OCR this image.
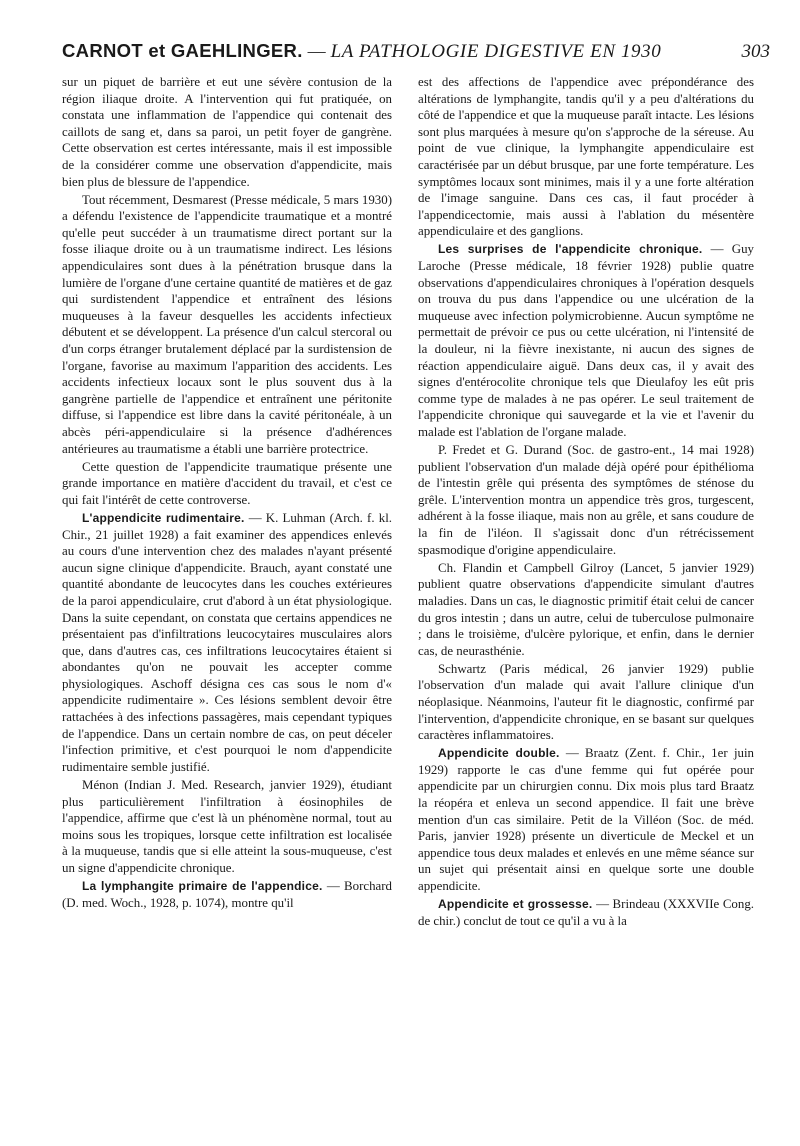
CARNOT et GAEHLINGER. — LA PATHOLOGIE DIGESTIVE EN 1930	303

sur un piquet de barrière et eut une sévère contusion de la région iliaque droite. A l'intervention qui fut pratiquée, on constata une inflammation de l'appendice qui contenait des caillots de sang et, dans sa paroi, un petit foyer de gangrène. Cette observation est certes intéressante, mais il est impossible de la considérer comme une observation d'appendicite, mais bien plus de blessure de l'appendice.

Tout récemment, Desmarest (Presse médicale, 5 mars 1930) a défendu l'existence de l'appendicite traumatique et a montré qu'elle peut succéder à un traumatisme direct portant sur la fosse iliaque droite ou à un traumatisme indirect. Les lésions appendiculaires sont dues à la pénétration brusque dans la lumière de l'organe d'une certaine quantité de matières et de gaz qui surdistendent l'appendice et entraînent des lésions muqueuses à la faveur desquelles les accidents infectieux débutent et se développent. La présence d'un calcul stercoral ou d'un corps étranger brutalement déplacé par la surdistension de l'organe, favorise au maximum l'apparition des accidents. Les accidents infectieux locaux sont le plus souvent dus à la gangrène partielle de l'appendice et entraînent une péritonite diffuse, si l'appendice est libre dans la cavité péritonéale, à un abcès péri-appendiculaire si la présence d'adhérences antérieures au traumatisme a établi une barrière protectrice.

Cette question de l'appendicite traumatique présente une grande importance en matière d'accident du travail, et c'est ce qui fait l'intérêt de cette controverse.

L'appendicite rudimentaire. — K. Luhman (Arch. f. kl. Chir., 21 juillet 1928) a fait examiner des appendices enlevés au cours d'une intervention chez des malades n'ayant présenté aucun signe clinique d'appendicite. Brauch, ayant constaté une quantité abondante de leucocytes dans les couches extérieures de la paroi appendiculaire, crut d'abord à un état physiologique. Dans la suite cependant, on constata que certains appendices ne présentaient pas d'infiltrations leucocytaires musculaires alors que, dans d'autres cas, ces infiltrations leucocytaires étaient si abondantes qu'on ne pouvait les accepter comme physiologiques. Aschoff désigna ces cas sous le nom d'« appendicite rudimentaire ». Ces lésions semblent devoir être rattachées à des infections passagères, mais cependant typiques de l'appendice. Dans un certain nombre de cas, on peut déceler l'infection primitive, et c'est pourquoi le nom d'appendicite rudimentaire semble justifié.

Ménon (Indian J. Med. Research, janvier 1929), étudiant plus particulièrement l'infiltration à éosinophiles de l'appendice, affirme que c'est là un phénomène normal, tout au moins sous les tropiques, lorsque cette infiltration est localisée à la muqueuse, tandis que si elle atteint la sous-muqueuse, c'est un signe d'appendicite chronique.

La lymphangite primaire de l'appendice. — Borchard (D. med. Woch., 1928, p. 1074), montre qu'il

est des affections de l'appendice avec prépondérance des altérations de lymphangite, tandis qu'il y a peu d'altérations du côté de l'appendice et que la muqueuse paraît intacte. Les lésions sont plus marquées à mesure qu'on s'approche de la séreuse. Au point de vue clinique, la lymphangite appendiculaire est caractérisée par un début brusque, par une forte température. Les symptômes locaux sont minimes, mais il y a une forte altération de l'image sanguine. Dans ces cas, il faut procéder à l'appendicectomie, mais aussi à l'ablation du mésentère appendiculaire et des ganglions.

Les surprises de l'appendicite chronique. — Guy Laroche (Presse médicale, 18 février 1928) publie quatre observations d'appendiculaires chroniques à l'opération desquels on trouva du pus dans l'appendice ou une ulcération de la muqueuse avec infection polymicrobienne. Aucun symptôme ne permettait de prévoir ce pus ou cette ulcération, ni l'intensité de la douleur, ni la fièvre inexistante, ni aucun des signes de réaction appendiculaire aiguë. Dans deux cas, il y avait des signes d'entérocolite chronique tels que Dieulafoy les eût pris comme type de malades à ne pas opérer. Le seul traitement de l'appendicite chronique qui sauvegarde et la vie et l'avenir du malade est l'ablation de l'organe malade.

P. Fredet et G. Durand (Soc. de gastro-ent., 14 mai 1928) publient l'observation d'un malade déjà opéré pour épithélioma de l'intestin grêle qui présenta des symptômes de sténose du grêle. L'intervention montra un appendice très gros, turgescent, adhérent à la fosse iliaque, mais non au grêle, et sans coudure de la fin de l'iléon. Il s'agissait donc d'un rétrécissement spasmodique d'origine appendiculaire.

Ch. Flandin et Campbell Gilroy (Lancet, 5 janvier 1929) publient quatre observations d'appendicite simulant d'autres maladies. Dans un cas, le diagnostic primitif était celui de cancer du gros intestin ; dans un autre, celui de tuberculose pulmonaire ; dans le troisième, d'ulcère pylorique, et enfin, dans le dernier cas, de neurasthénie.

Schwartz (Paris médical, 26 janvier 1929) publie l'observation d'un malade qui avait l'allure clinique d'un néoplasique. Néanmoins, l'auteur fit le diagnostic, confirmé par l'intervention, d'appendicite chronique, en se basant sur quelques caractères inflammatoires.

Appendicite double. — Braatz (Zent. f. Chir., 1er juin 1929) rapporte le cas d'une femme qui fut opérée pour appendicite par un chirurgien connu. Dix mois plus tard Braatz la réopéra et enleva un second appendice. Il fait une brève mention d'un cas similaire. Petit de la Villéon (Soc. de méd. Paris, janvier 1928) présente un diverticule de Meckel et un appendice tous deux malades et enlevés en une même séance sur un sujet qui présentait ainsi en quelque sorte une double appendicite.

Appendicite et grossesse. — Brindeau (XXXVIIe Cong. de chir.) conclut de tout ce qu'il a vu à la
